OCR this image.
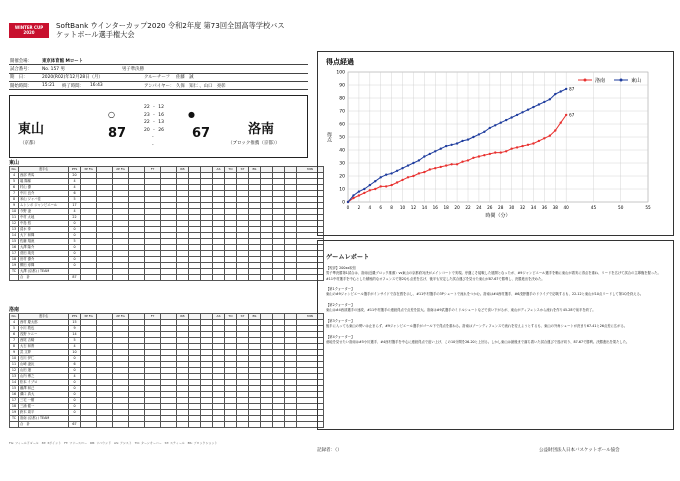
WINTER CUP 2020
SoftBank ウインターカップ2020 令和2年度 第73回全国高等学校バス
ケットボール選手権大会
開催会場：	東京体育館 Mロート
試合番号：	No. 157 男	男子準決勝
期　日：	2020(R02)年12月28日（月）	クルーチーフ	佐藤　誠
開始時間：	15:21	終了時間：	16:43	アンパイヤー： 久保　知仁 、山口　亮彰
東山
（京都）
○
87
22 - 12
23 - 16
22 - 13
20 - 26
-
-
●
67	洛南
（ブロック推薦（京都））
東山
No.	選手名	PTS	3P FG		2P FG		FT		RB			AS	TO	ST	BS				MIN
4	西部 秀馬	20																	
5	堀 陽稀	4																	
6	村山 優	4																	
7	中川 良介	6																	
8	米山 ジャバ佳	5																	
9	ムトンボ ジャンピエール	17																	
10	今野 凌	4																	
11	中村 太地	22																	
12	中島 悠	0																	
13	清水 拳	0																	
14	大下 和輝	0																	
15	佐藤 翔流	5																	
16	大澤 隆介	0																	
17	菅田 琉亮	0																	
18	田村 優介	0																	
19	柳田 寿輝	0																	
TC	大澤 (京都) / TEAM																		
	合　計	87																	
洛南
No.	選手名	PTS	3P FG		2P FG		FT		RB			AS	TO	ST	BS				MIN
4	西村 慶太郎	15																	
5	小川 敦也	9																	
6	浅野 ケニー	14																	
7	西尾 吉騎	5																	
8	大石 和貴	4																	
9	武 文夢	10																	
10	石川 伊仁	0																	
11	山崎 凌汰	6																	
12	山田 遼	0																	
13	山内 博之	4																	
14	松本 イブロ	0																	
15	藤澤 和己	0																	
16	溝口 真大	0																	
17	三宅 一樹	0																	
18	三浦 健一	0																	
19	鈴木 周平	0																	
TC	洛南 (京都) / TEAM																		
	合　計	67																	
FG: フィールドゴール　3P: 3ポイント　FT: フリースロー　RB: リバウンド　AS: アシスト　TO: ターンオーバー　ST: スティール　BS: ブロックショット
得点経過
0
10
20
30
40
50
60
70
80
90
100
0 2 4 6 8 10 12 14 16 18 20 22 24 26 28 30 32 34 36 38 40	45	50	55
時間（分）
得点
67
洛南
87
東山
ゲームレポート
【短評】200xx取信
男子準決勝第1試合は、洛南(近畿ブロック推薦）vs東山の京都府対決がメインコートで実現。序盤こそ接戦した展開となったが、#9ジャンピエール選手を軸に東山が着実に得点を重ね、リードを広げて試合の主導権を握った。#11中村選手を中心とした積極的なオフェンスで第2Qも点差を広げ、後半も安定した試合運びを見せた東山が87-67で勝利し、決勝進出を決めた。

【第1クォーター】
東山の#9ジャンピエール選手がインサイドで存在感を示し、#11中村選手の3Pシュートで流れをつかむ。洛南は#4西村選手、#6浅野選手のドライブで応戦するも、22-12と東山が10点リードして第1Qを終える。

【第2クォーター】
東山は#4西部選手の速攻、#11中村選手の連続得点で点差を拡大。洛南は#9武選手のミドルシュートなどで食い下がるが、東山がディフェンスから流れを作り45-28で前半を終了。

【第3クォーター】
後半に入っても東山の勢いは止まらず、#9ジャンピエール選手がゴール下で得点を重ねる。洛南はゾーンディフェンスで流れを変えようとするも、東山の外角シュートが決まり67-41と26点差に広がる。

【第4クォーター】
意地を見せたい洛南は#5小川選手、#4西村選手を中心に連続得点で追い上げ、この10分間を26-20と上回る。しかし東山は最後まで落ち着いた試合運びで逃げ切り、87-67で勝利。決勝進出を果たした。
記録者：（）	公益財団法人日本バスケットボール協会
